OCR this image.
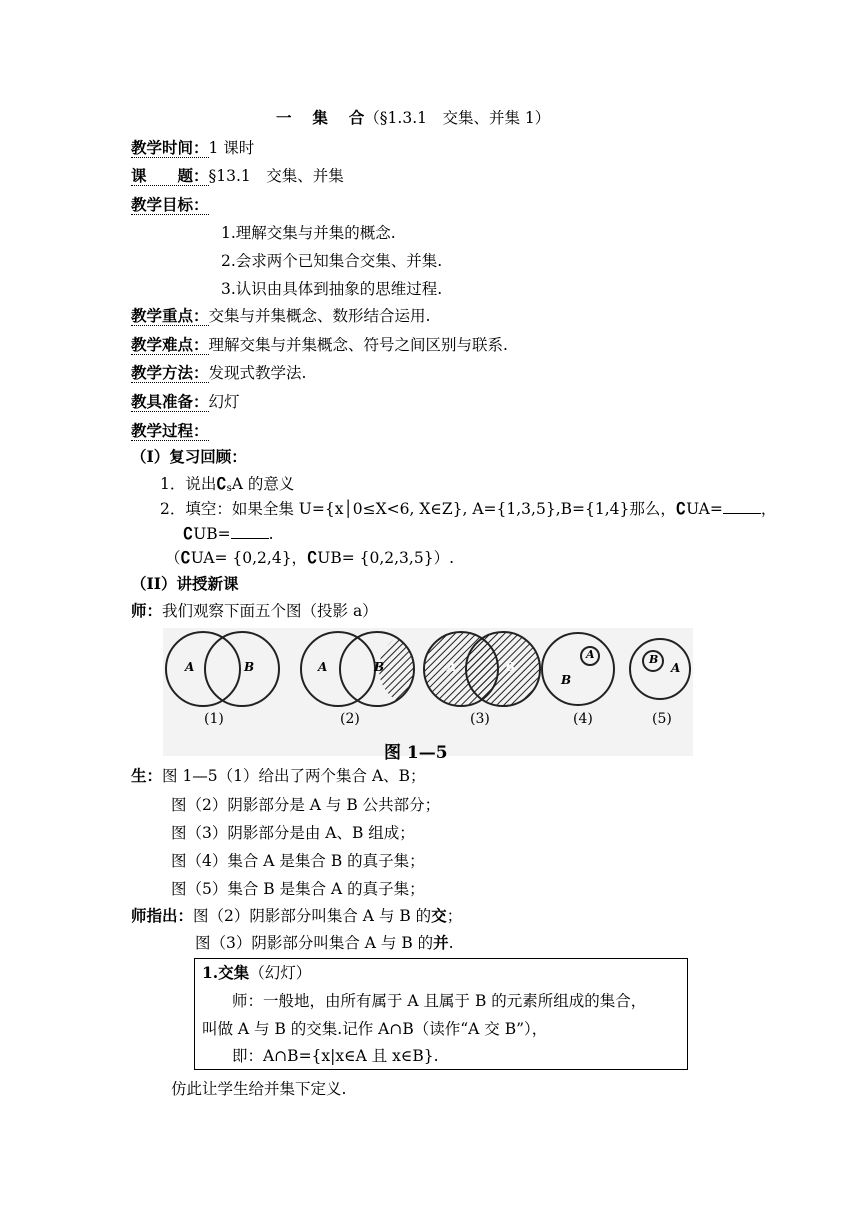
一　 集　 合（§1.3.1　交集、并集 1）
教学时间：1 课时
课　　题：§13.1　交集、并集
教学目标：
1.理解交集与并集的概念.
2.会求两个已知集合交集、并集.
3.认识由具体到抽象的思维过程.
教学重点：交集与并集概念、数形结合运用.
教学难点：理解交集与并集概念、符号之间区别与联系.
教学方法：发现式教学法.
教具准备：幻灯
教学过程：
（I）复习回顾：
1．说出$∁_sA$ 的意义
2．填空：如果全集 U={x│0≤X<6, X∈Z}, A={1,3,5},B={1,4}那么，∁UA= ，
∁UB= .
（∁UA= {0,2,4}，∁UB= {0,2,3,5}）.
（II）讲授新课
师：我们观察下面五个图（投影 a）
A	B	A	B	A	B
A
B
B
A
(1)	(2)	(3)	(4)	(5)
图 1—5
生：图 1—5（1）给出了两个集合 A、B；
图（2）阴影部分是 A 与 B 公共部分；
图（3）阴影部分是由 A、B 组成；
图（4）集合 A 是集合 B 的真子集；
图（5）集合 B 是集合 A 的真子集；
师指出：图（2）阴影部分叫集合 A 与 B 的交；
图（3）阴影部分叫集合 A 与 B 的并.
1.交集（幻灯）
师：一般地，由所有属于 A 且属于 B 的元素所组成的集合，
叫做 A 与 B 的交集.记作 A∩B（读作“A 交 B”），
即：A∩B={x|x∈A 且 x∈B}.
仿此让学生给并集下定义.
